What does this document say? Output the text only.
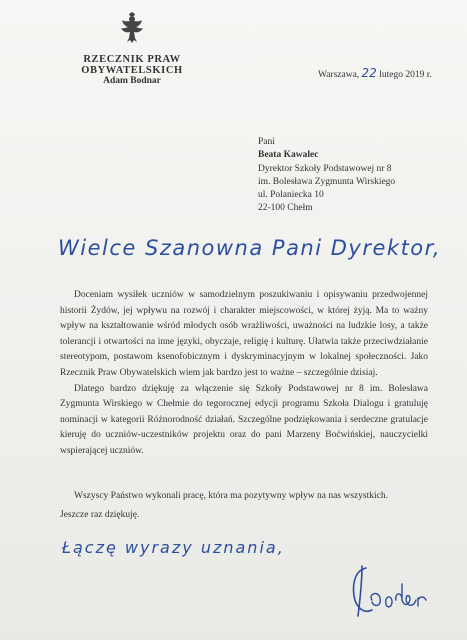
RZECZNIK PRAW OBYWATELSKICH
Adam Bodnar
Warszawa, 22 lutego 2019 r.
Pani
Beata Kawalec
Dyrektor Szkoły Podstawowej nr 8
im. Bolesława Zygmunta Wirskiego
ul. Polaniecka 10
22-100 Chełm
Wielce Szanowna Pani Dyrektor,

Doceniam wysiłek uczniów w samodzielnym poszukiwaniu i opisywaniu przedwojennej historii Żydów, jej wpływu na rozwój i charakter miejscowości, w której żyją. Ma to ważny wpływ na kształtowanie wśród młodych osób wrażliwości, uważności na ludzkie losy, a także tolerancji i otwartości na inne języki, obyczaje, religię i kulturę. Ułatwia także przeciwdziałanie stereotypom, postawom ksenofobicznym i dyskryminacyjnym w lokalnej społeczności. Jako Rzecznik Praw Obywatelskich wiem jak bardzo jest to ważne – szczególnie dzisiaj.

Dlatego bardzo dziękuję za włączenie się Szkoły Podstawowej nr 8 im. Bolesława Zygmunta Wirskiego w Chełmie do tegorocznej edycji programu Szkoła Dialogu i gratuluję nominacji w kategorii Różnorodność działań. Szczególne podziękowania i serdeczne gratulacje kieruję do uczniów-uczestników projektu oraz do pani Marzeny Boćwińskiej, nauczycielki wspierającej uczniów.

Wszyscy Państwo wykonali pracę, która ma pozytywny wpływ na nas wszystkich.
Jeszcze raz dziękuję.
Łączę wyrazy uznania,
